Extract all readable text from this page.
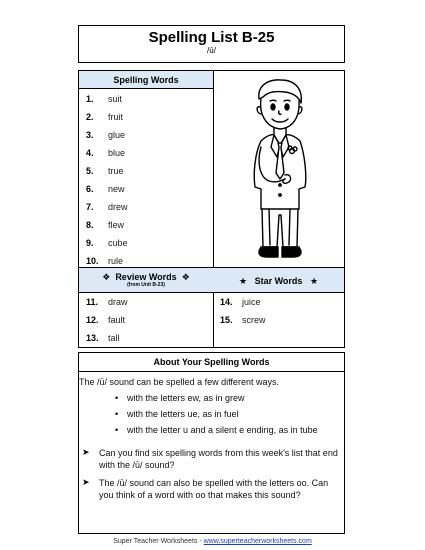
Spelling List B-25
/ū/
Spelling Words
1. suit
2. fruit
3. glue
4. blue
5. true
6. new
7. drew
8. flew
9. cube
10. rule
❖ Review Words ❖
(from Unit B-23)	★ Star Words ★
11. draw
12. fault
13. tall
14. juice
15. screw
About Your Spelling Words
The /ū/ sound can be spelled a few different ways.
• with the letters ew, as in grew
• with the letters ue, as in fuel
• with the letter u and a silent e ending, as in tube
➤ Can you find six spelling words from this week's list that end with the /ū/ sound?
➤ The /ū/ sound can also be spelled with the letters oo. Can you think of a word with oo that makes this sound?
Super Teacher Worksheets - www.superteacherworksheets.com
